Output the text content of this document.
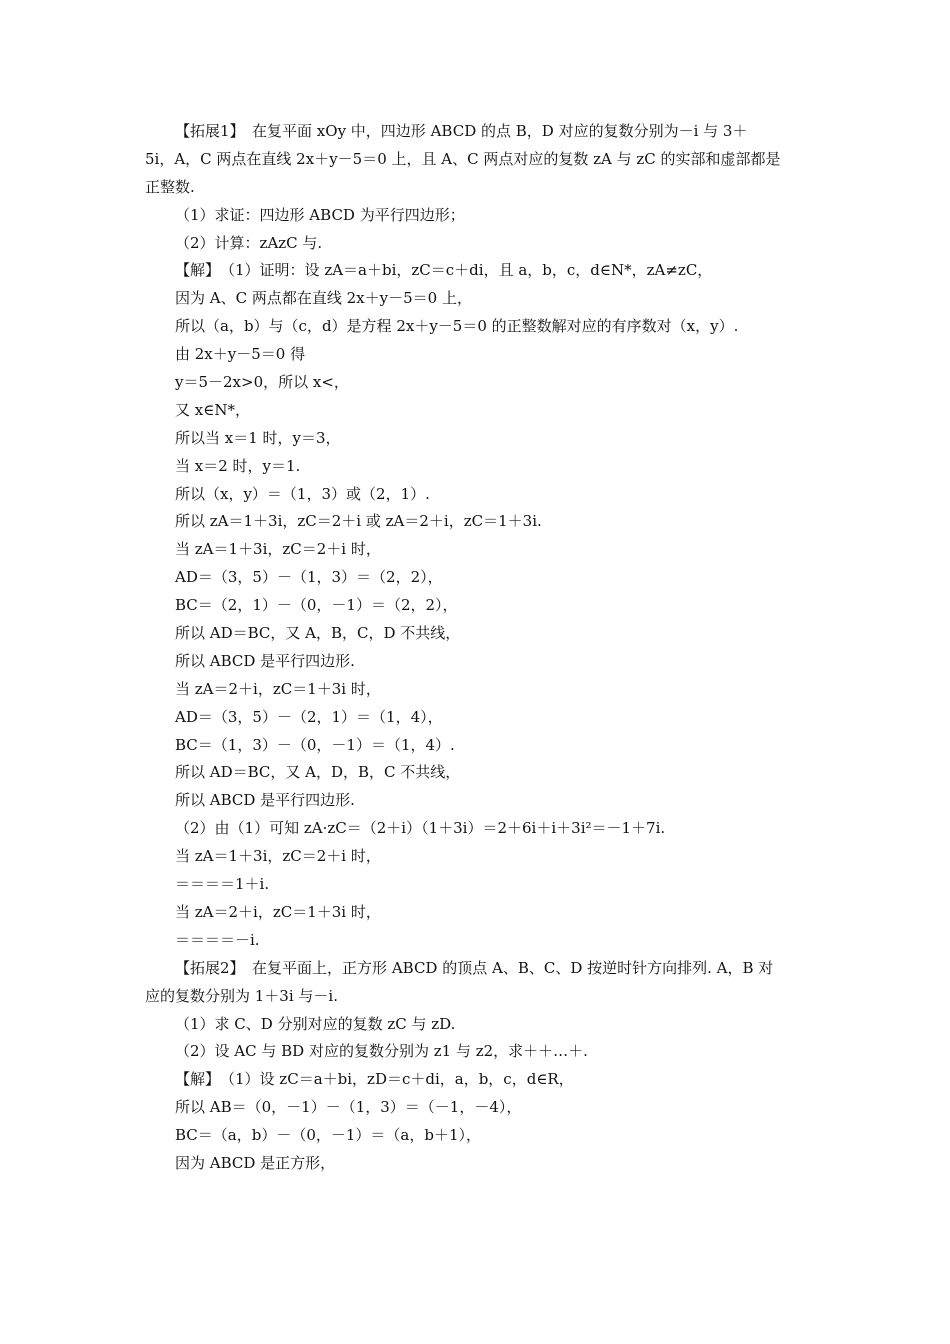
【拓展1】　在复平面 xOy 中，四边形 ABCD 的点 B，D 对应的复数分别为－i 与 3＋
5i，A，C 两点在直线 2x＋y－5＝0 上，且 A、C 两点对应的复数 zA 与 zC 的实部和虚部都是
正整数.
（1）求证：四边形 ABCD 为平行四边形；
（2）计算：zAzC 与.
【解】　（1）证明：设 zA＝a＋bi，zC＝c＋di，且 a，b，c，d∈N*，zA≠zC，
因为 A、C 两点都在直线 2x＋y－5＝0 上，
所以（a，b）与（c，d）是方程 2x＋y－5＝0 的正整数解对应的有序数对（x，y）.
由 2x＋y－5＝0 得
y＝5－2x>0，所以 x<，
又 x∈N*，
所以当 x＝1 时，y＝3，
当 x＝2 时，y＝1.
所以（x，y）＝（1，3）或（2，1）.
所以 zA＝1＋3i，zC＝2＋i 或 zA＝2＋i，zC＝1＋3i.
当 zA＝1＋3i，zC＝2＋i 时，
AD＝（3，5）－（1，3）＝（2，2），
BC＝（2，1）－（0，－1）＝（2，2），
所以 AD＝BC，又 A，B，C，D 不共线，
所以 ABCD 是平行四边形.
当 zA＝2＋i，zC＝1＋3i 时，
AD＝（3，5）－（2，1）＝（1，4），
BC＝（1，3）－（0，－1）＝（1，4）.
所以 AD＝BC，又 A，D，B，C 不共线，
所以 ABCD 是平行四边形.
（2）由（1）可知 zA·zC＝（2＋i）（1＋3i）＝2＋6i＋i＋3i²＝－1＋7i.
当 zA＝1＋3i，zC＝2＋i 时，
＝＝＝＝1＋i.
当 zA＝2＋i，zC＝1＋3i 时，
＝＝＝＝－i.
【拓展2】　在复平面上，正方形 ABCD 的顶点 A、B、C、D 按逆时针方向排列. A，B 对
应的复数分别为 1＋3i 与－i.
（1）求 C、D 分别对应的复数 zC 与 zD.
（2）设 AC 与 BD 对应的复数分别为 z1 与 z2，求＋＋…＋.
【解】　（1）设 zC＝a＋bi，zD＝c＋di，a，b，c，d∈R，
所以 AB＝（0，－1）－（1，3）＝（－1，－4），
BC＝（a，b）－（0，－1）＝（a，b＋1），
因为 ABCD 是正方形，
